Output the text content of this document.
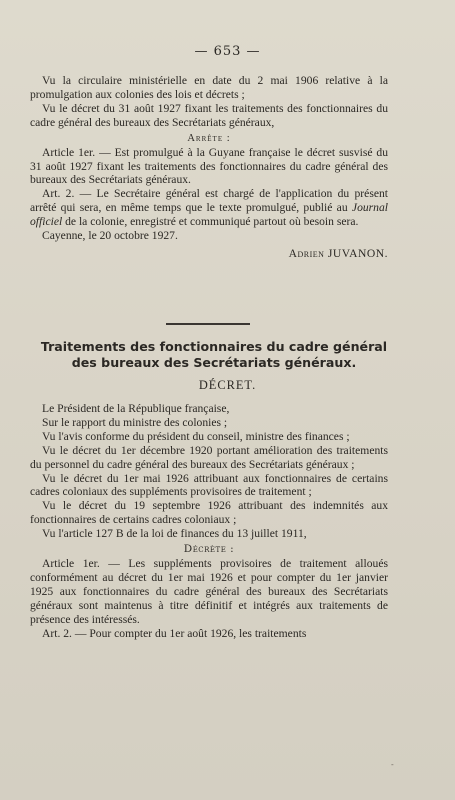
— 653 —

Vu la circulaire ministérielle en date du 2 mai 1906 relative à la promulgation aux colonies des lois et décrets ;

Vu le décret du 31 août 1927 fixant les traitements des fonctionnaires du cadre général des bureaux des Secrétariats généraux,

Arrête :

Article 1er. — Est promulgué à la Guyane française le décret susvisé du 31 août 1927 fixant les traitements des fonctionnaires du cadre général des bureaux des Secrétariats généraux.

Art. 2. — Le Secrétaire général est chargé de l'application du présent arrêté qui sera, en même temps que le texte promulgué, publié au Journal officiel de la colonie, enregistré et communiqué partout où besoin sera.

Cayenne, le 20 octobre 1927.

Adrien JUVANON.
Traitements des fonctionnaires du cadre général
des bureaux des Secrétariats généraux.
DÉCRET.

Le Président de la République française,

Sur le rapport du ministre des colonies ;

Vu l'avis conforme du président du conseil, ministre des finances ;

Vu le décret du 1er décembre 1920 portant amélioration des traitements du personnel du cadre général des bureaux des Secrétariats généraux ;

Vu le décret du 1er mai 1926 attribuant aux fonctionnaires de certains cadres coloniaux des suppléments provisoires de traitement ;

Vu le décret du 19 septembre 1926 attribuant des indemnités aux fonctionnaires de certains cadres coloniaux ;

Vu l'article 127 B de la loi de finances du 13 juillet 1911,

Décrète :

Article 1er. — Les suppléments provisoires de traitement alloués conformément au décret du 1er mai 1926 et pour compter du 1er janvier 1925 aux fonctionnaires du cadre général des bureaux des Secrétariats généraux sont maintenus à titre définitif et intégrés aux traitements de présence des intéressés.

Art. 2. — Pour compter du 1er août 1926, les traitements

-
